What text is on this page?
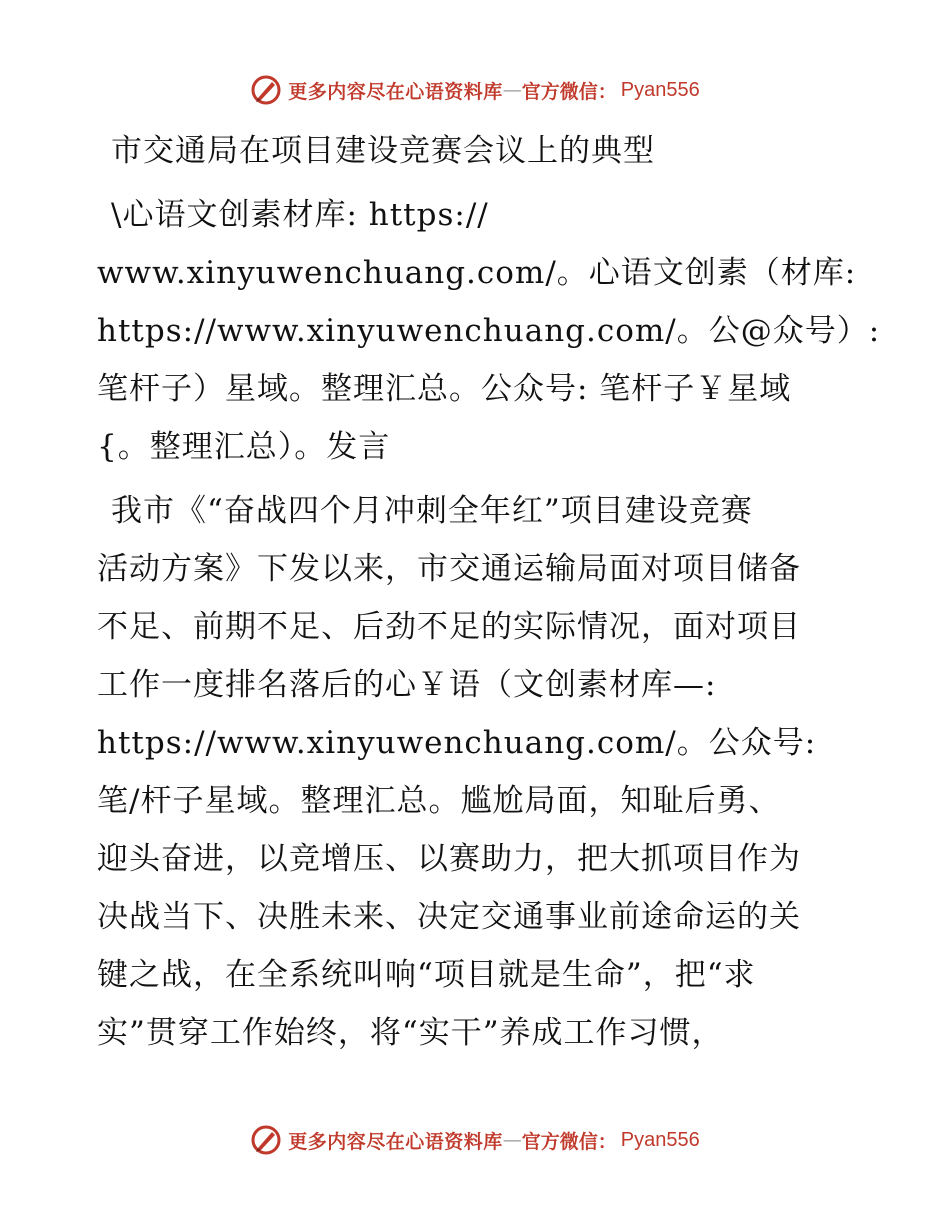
更多内容尽在心语资料库 — 官方微信： Pyan556
市交通局在项目建设竞赛会议上的典型

\心语文创素材库: https://
www.xinyuwenchuang.com/。心语文创素（材库:
https://www.xinyuwenchuang.com/。公@众号）:
笔杆子）星域。整理汇总。公众号: 笔杆子￥星域
{。整理汇总）。发言

我市《“奋战四个月冲刺全年红”项目建设竞赛
活动方案》下发以来，市交通运输局面对项目储备
不足、前期不足、后劲不足的实际情况，面对项目
工作一度排名落后的心￥语（文创素材库—:
https://www.xinyuwenchuang.com/。公众号:
笔/杆子星域。整理汇总。尴尬局面，知耻后勇、
迎头奋进，以竞增压、以赛助力，把大抓项目作为
决战当下、决胜未来、决定交通事业前途命运的关
键之战，在全系统叫响“项目就是生命”，把“求
实”贯穿工作始终，将“实干”养成工作习惯，

更多内容尽在心语资料库 — 官方微信： Pyan556
